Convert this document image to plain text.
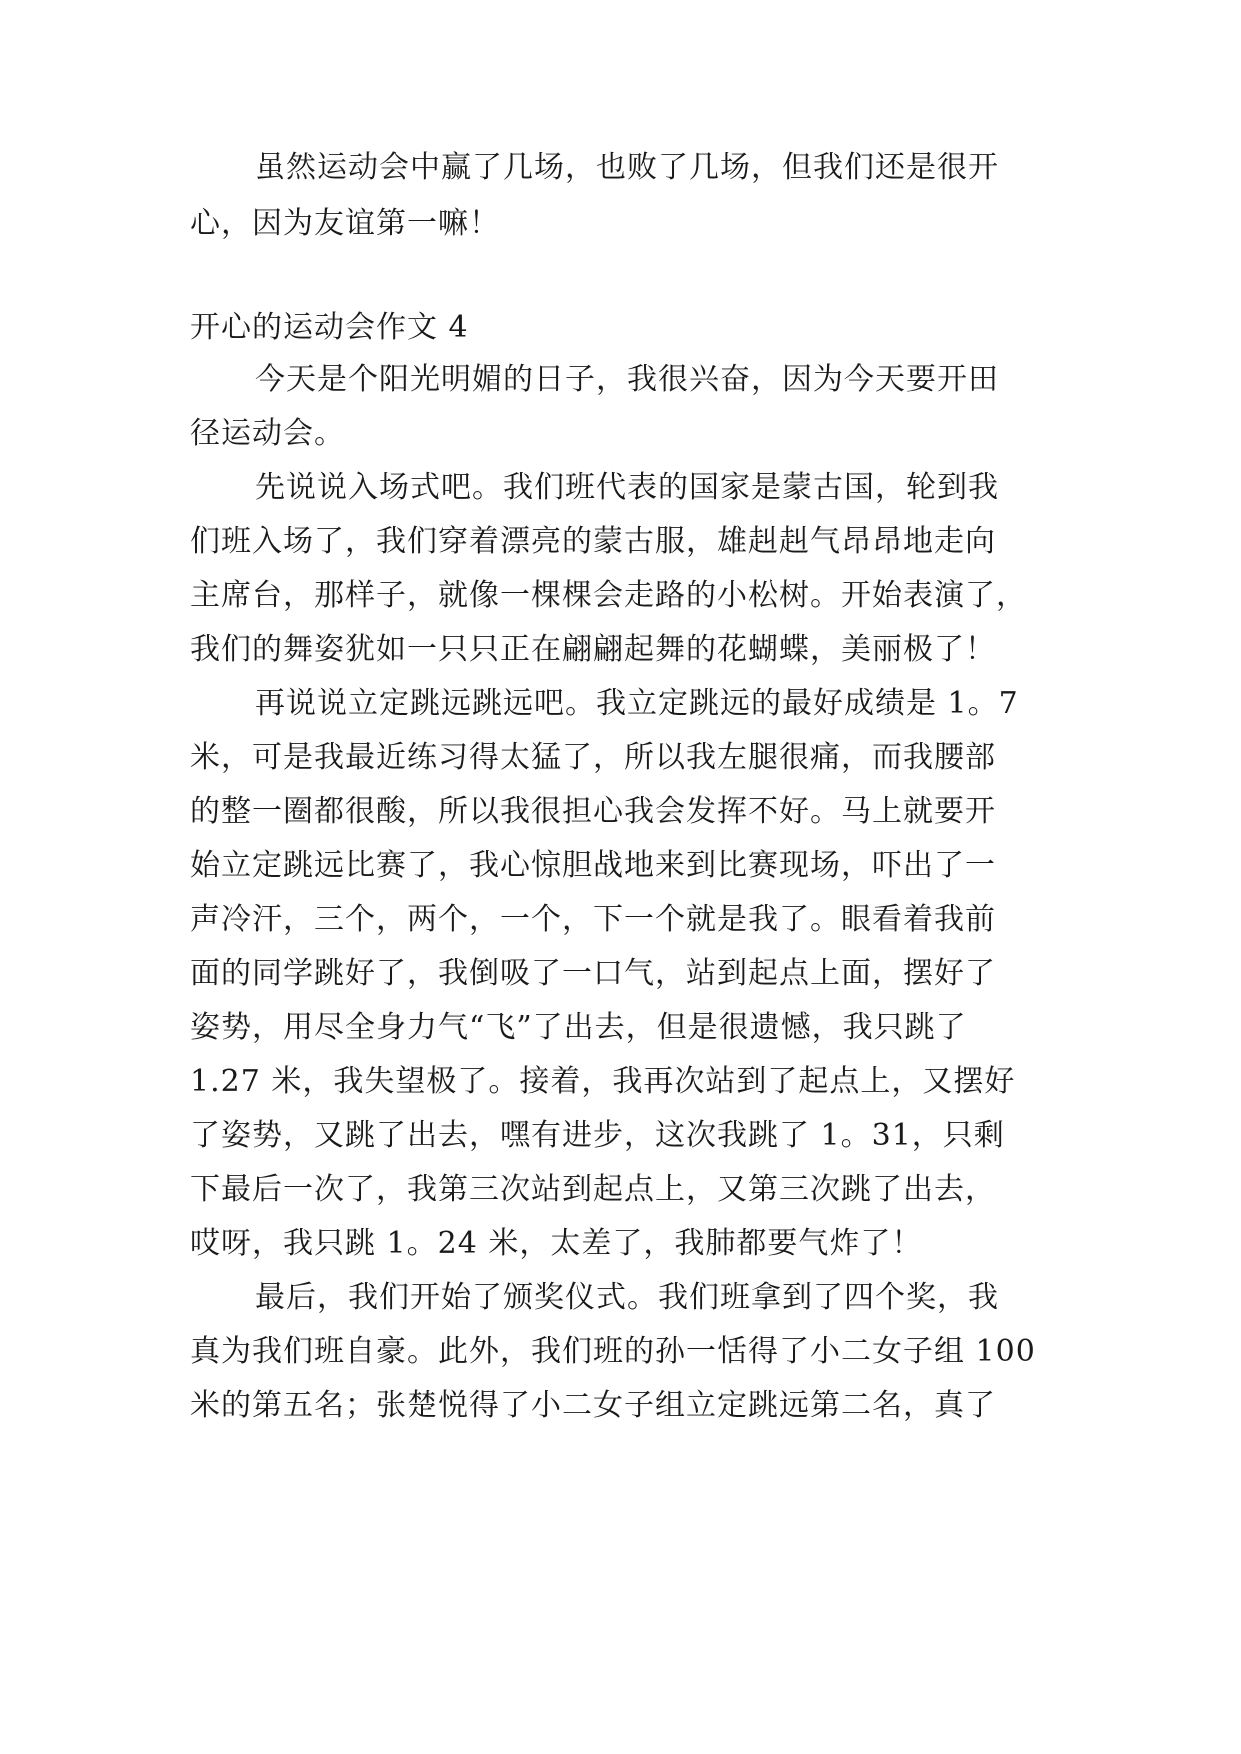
虽然运动会中赢了几场，也败了几场，但我们还是很开
心，因为友谊第一嘛！
开心的运动会作文 4
今天是个阳光明媚的日子，我很兴奋，因为今天要开田
径运动会。
先说说入场式吧。我们班代表的国家是蒙古国，轮到我
们班入场了，我们穿着漂亮的蒙古服，雄赳赳气昂昂地走向
主席台，那样子，就像一棵棵会走路的小松树。开始表演了，
我们的舞姿犹如一只只正在翩翩起舞的花蝴蝶，美丽极了！
再说说立定跳远跳远吧。我立定跳远的最好成绩是 1。7
米，可是我最近练习得太猛了，所以我左腿很痛，而我腰部
的整一圈都很酸，所以我很担心我会发挥不好。马上就要开
始立定跳远比赛了，我心惊胆战地来到比赛现场，吓出了一
声冷汗，三个，两个，一个，下一个就是我了。眼看着我前
面的同学跳好了，我倒吸了一口气，站到起点上面，摆好了
姿势，用尽全身力气“飞”了出去，但是很遗憾，我只跳了
1.27 米，我失望极了。接着，我再次站到了起点上，又摆好
了姿势，又跳了出去，嘿有进步，这次我跳了 1。31，只剩
下最后一次了，我第三次站到起点上，又第三次跳了出去，
哎呀，我只跳 1。24 米，太差了，我肺都要气炸了！
最后，我们开始了颁奖仪式。我们班拿到了四个奖，我
真为我们班自豪。此外，我们班的孙一恬得了小二女子组 100
米的第五名；张楚悦得了小二女子组立定跳远第二名，真了
